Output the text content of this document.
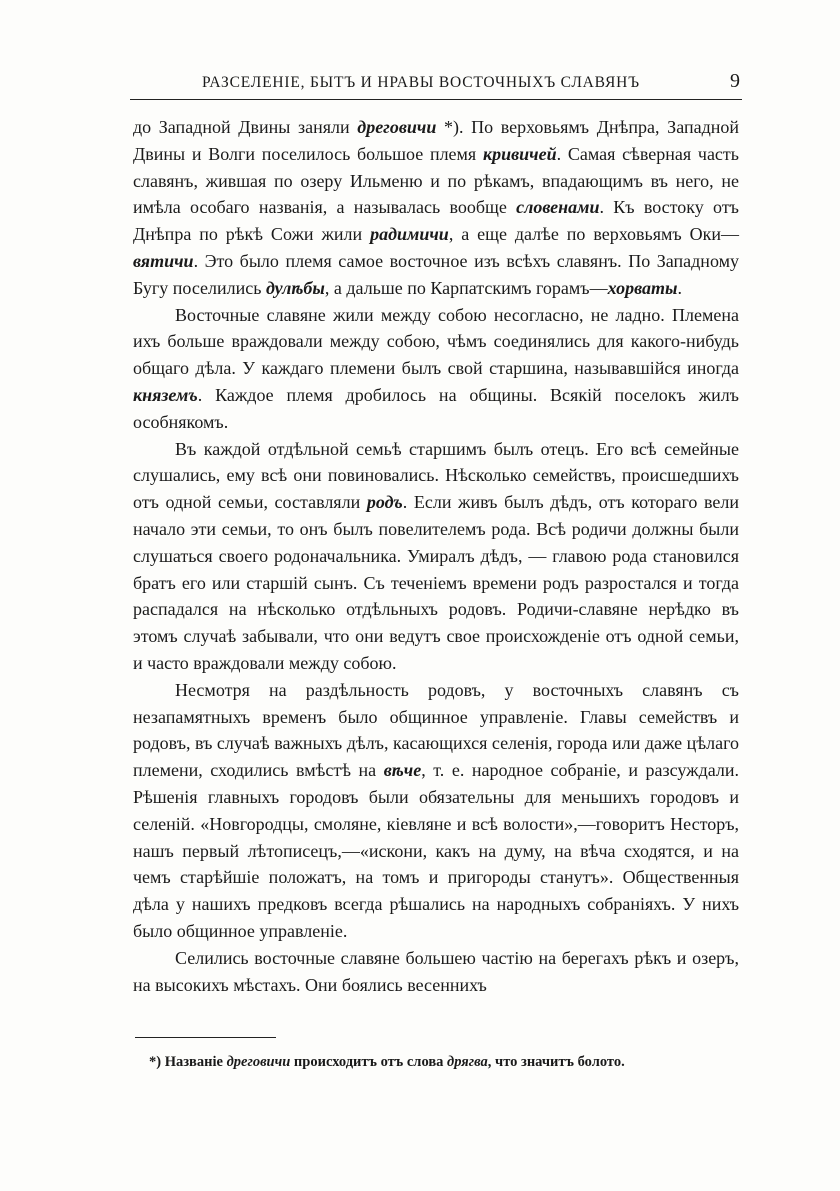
РАЗСЕЛЕНІЕ, БЫТЪ И НРАВЫ ВОСТОЧНЫХЪ СЛАВЯНЪ	9

до Западной Двины заняли дреговичи *). По верховьямъ Днѣпра, Западной Двины и Волги поселилось большое племя кривичей. Самая сѣверная часть славянъ, жившая по озеру Ильменю и по рѣкамъ, впадающимъ въ него, не имѣла особаго названія, а называлась вообще словенами. Къ востоку отъ Днѣпра по рѣкѣ Сожи жили радимичи, а еще далѣе по верховьямъ Оки—вятичи. Это было племя самое восточное изъ всѣхъ славянъ. По Западному Бугу поселились дулѣбы, а дальше по Карпатскимъ горамъ—хорваты.

Восточные славяне жили между собою несогласно, не ладно. Племена ихъ больше враждовали между собою, чѣмъ соединялись для какого-нибудь общаго дѣла. У каждаго племени былъ свой старшина, называвшійся иногда княземъ. Каждое племя дробилось на общины. Всякій поселокъ жилъ особнякомъ.

Въ каждой отдѣльной семьѣ старшимъ былъ отецъ. Его всѣ семейные слушались, ему всѣ они повиновались. Нѣсколько семействъ, происшедшихъ отъ одной семьи, составляли родъ. Если живъ былъ дѣдъ, отъ котораго вели начало эти семьи, то онъ былъ повелителемъ рода. Всѣ родичи должны были слушаться своего родоначальника. Умиралъ дѣдъ, — главою рода становился братъ его или старшій сынъ. Съ теченіемъ времени родъ разростался и тогда распадался на нѣсколько отдѣльныхъ родовъ. Родичи-славяне нерѣдко въ этомъ случаѣ забывали, что они ведутъ свое происхожденіе отъ одной семьи, и часто враждовали между собою.

Несмотря на раздѣльность родовъ, у восточныхъ славянъ съ незапамятныхъ временъ было общинное управленіе. Главы семействъ и родовъ, въ случаѣ важныхъ дѣлъ, касающихся селенія, города или даже цѣлаго племени, сходились вмѣстѣ на вѣче, т. е. народное собраніе, и разсуждали. Рѣшенія главныхъ городовъ были обязательны для меньшихъ городовъ и селеній. «Новгородцы, смоляне, кіевляне и всѣ волости»,—говоритъ Несторъ, нашъ первый лѣтописецъ,—«искони, какъ на думу, на вѣча сходятся, и на чемъ старѣйшіе положатъ, на томъ и пригороды станутъ». Общественныя дѣла у нашихъ предковъ всегда рѣшались на народныхъ собраніяхъ. У нихъ было общинное управленіе.

Селились восточные славяне большею частію на берегахъ рѣкъ и озеръ, на высокихъ мѣстахъ. Они боялись весеннихъ

*) Названіе дреговичи происходитъ отъ слова дрягва, что значитъ болото.
